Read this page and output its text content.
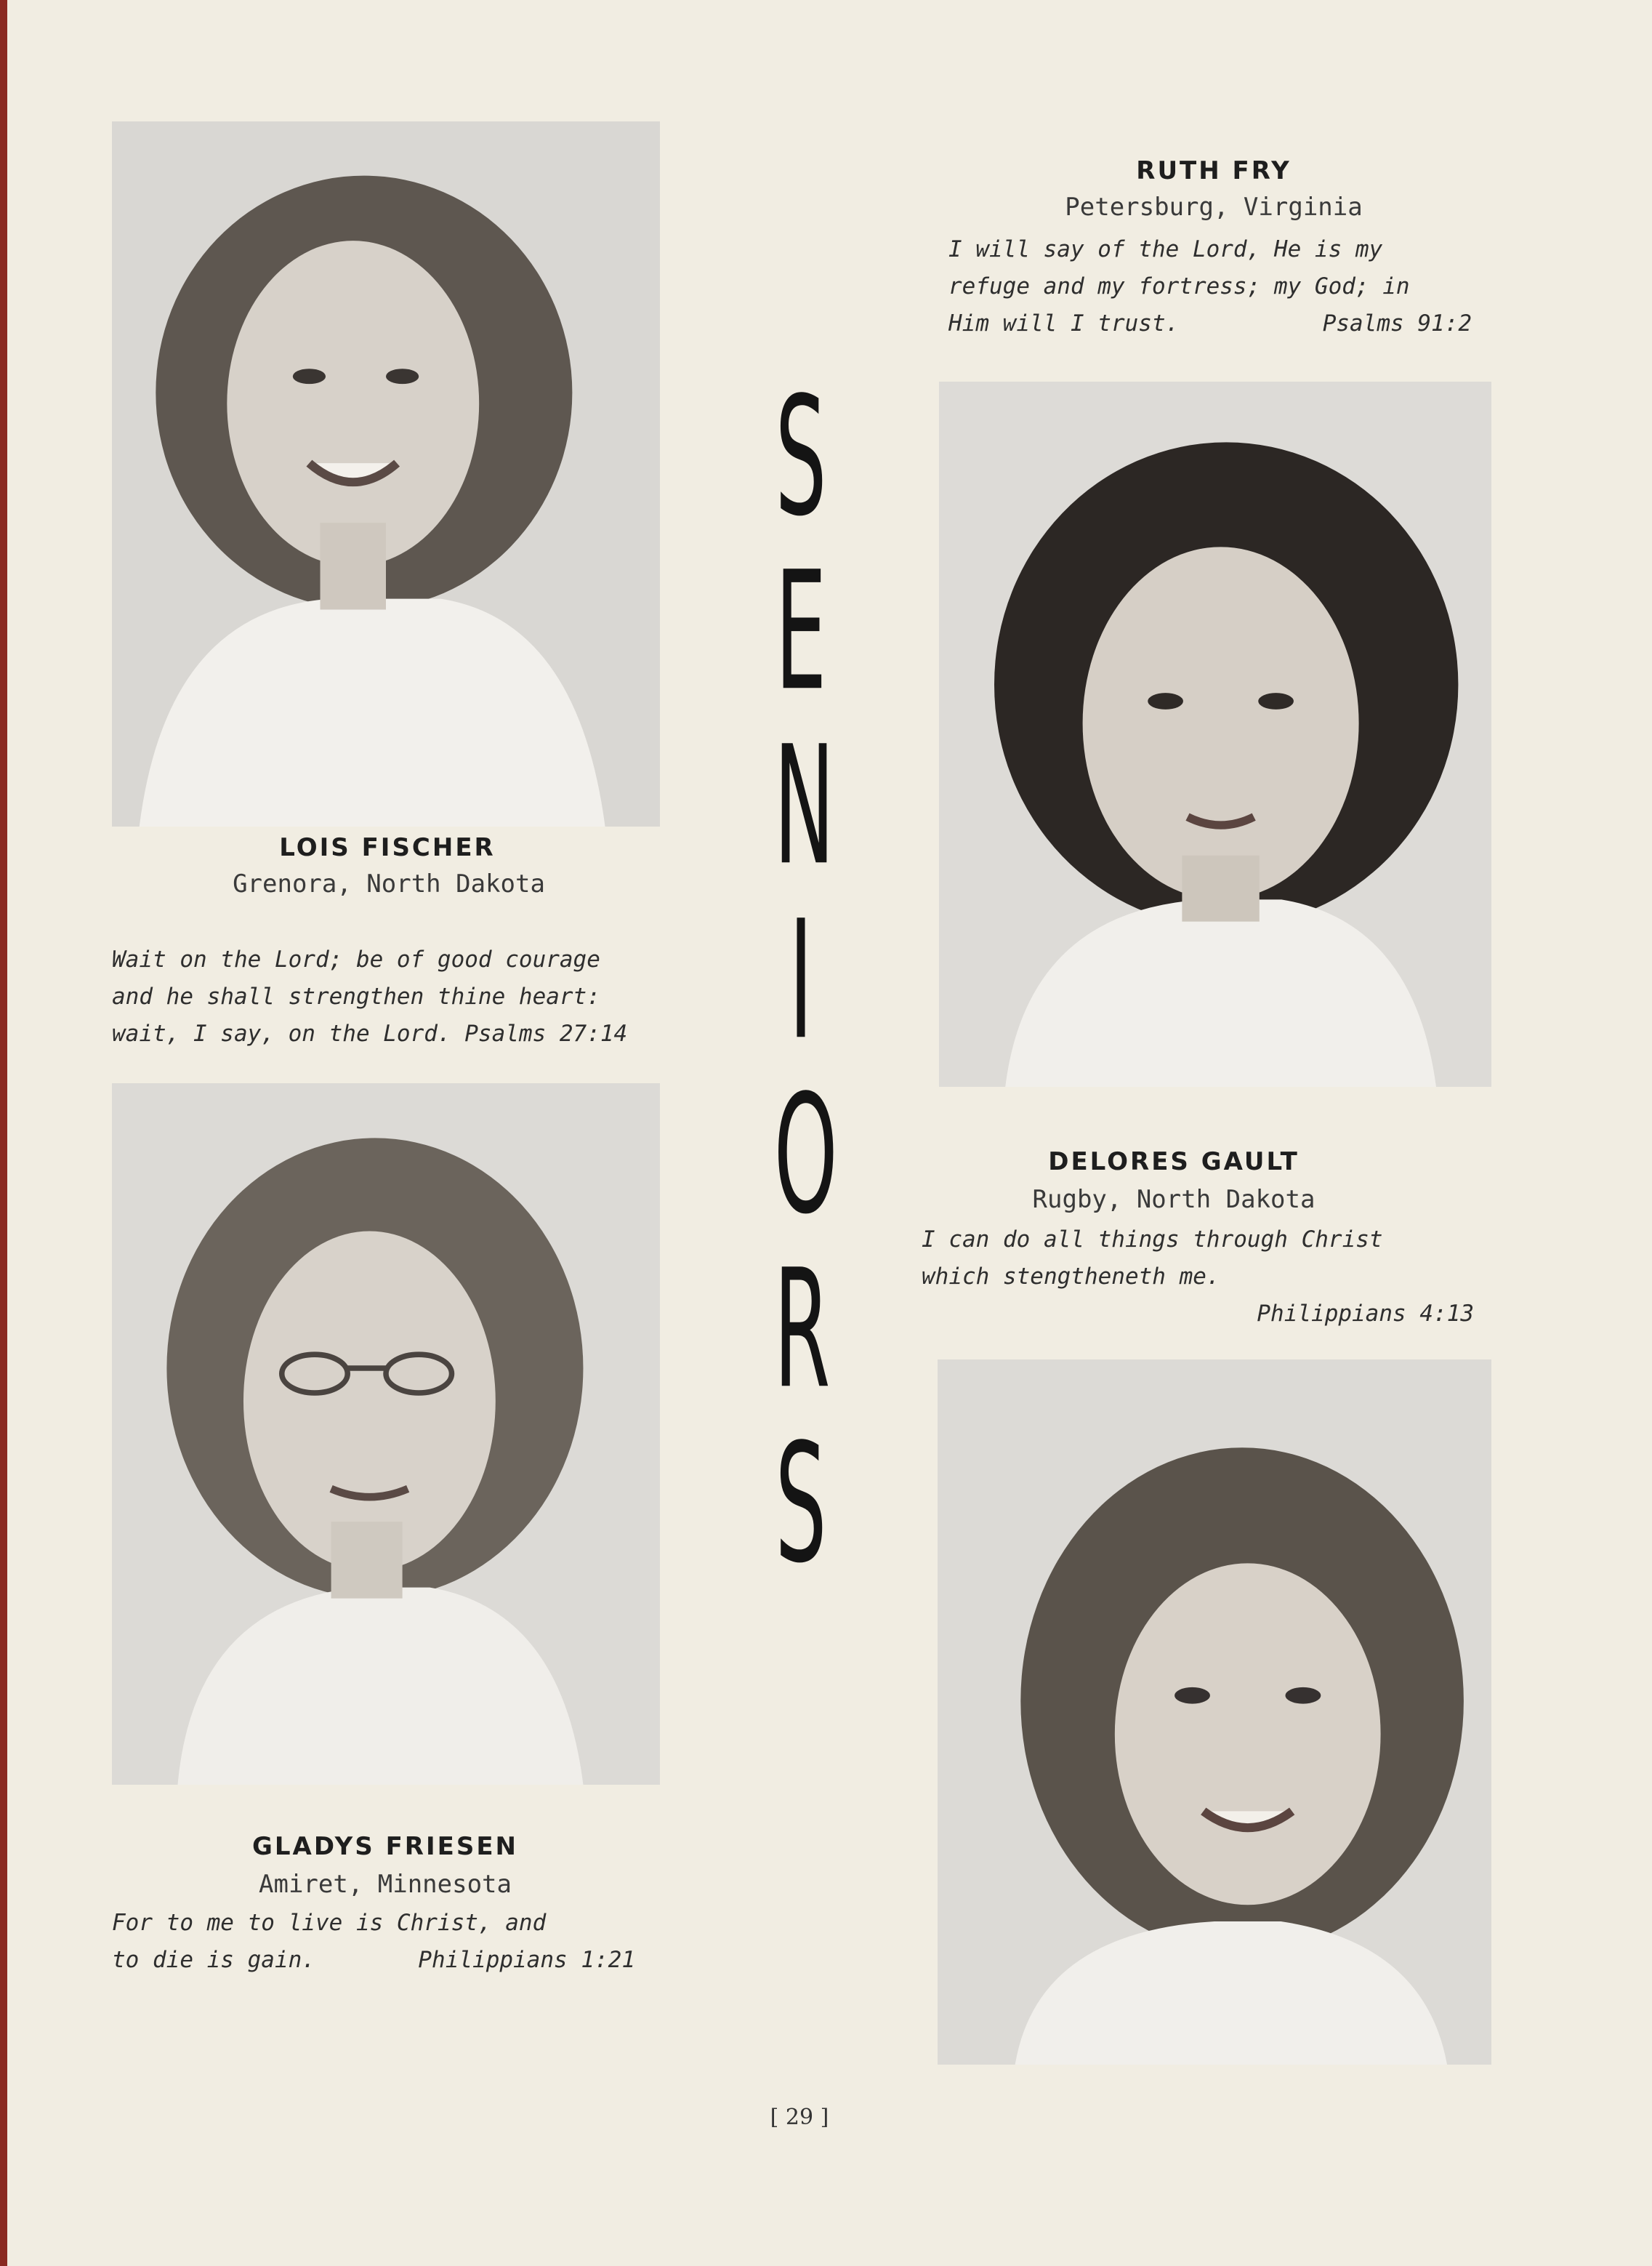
LOIS FISCHER
Grenora, North Dakota
Wait on the Lord; be of good courage
and he shall strengthen thine heart:
wait, I say, on the Lord. Psalms 27:14
GLADYS FRIESEN
Amiret, Minnesota
For to me to live is Christ, and
to die is gain.	Philippians 1:21
S
E
N
I
O
R
S
RUTH FRY
Petersburg, Virginia
I will say of the Lord, He is my
refuge and my fortress; my God; in
Him will I trust.	Psalms 91:2
DELORES GAULT
Rugby, North Dakota
I can do all things through Christ
which stengtheneth me.
Philippians 4:13
[ 29 ]
